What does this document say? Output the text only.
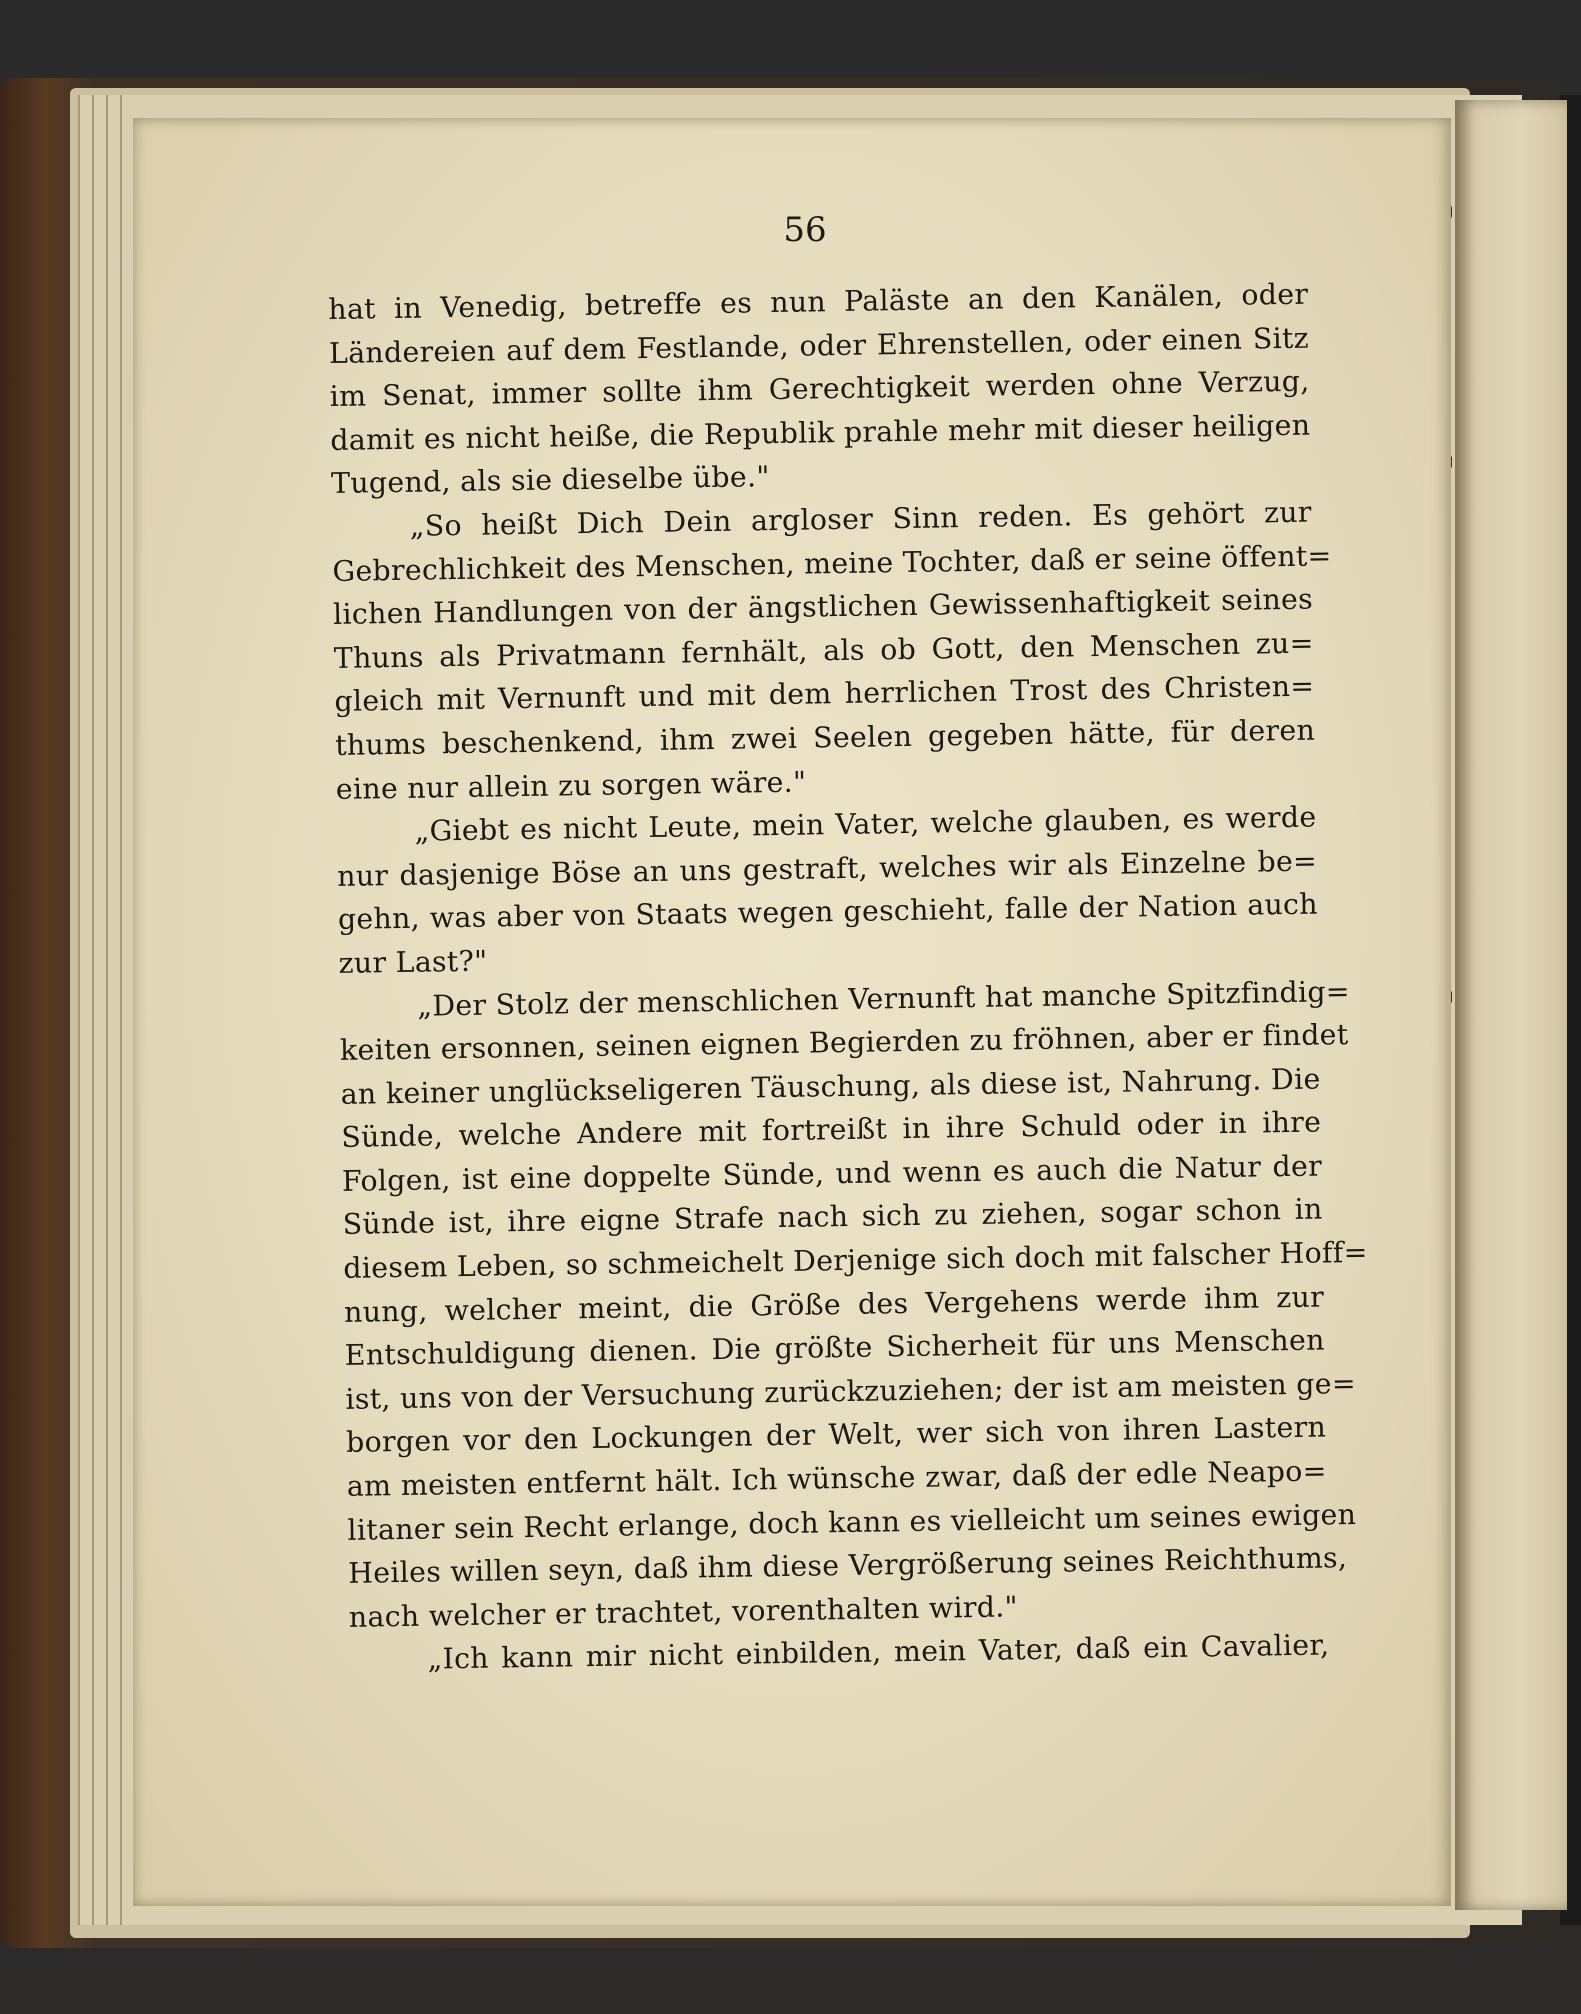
56
hat in Venedig, betreffe es nun Paläste an den Kanälen, oder
Ländereien auf dem Festlande, oder Ehrenstellen, oder einen Sitz
im Senat, immer sollte ihm Gerechtigkeit werden ohne Verzug,
damit es nicht heiße, die Republik prahle mehr mit dieser heiligen
Tugend, als sie dieselbe übe."
„So heißt Dich Dein argloser Sinn reden. Es gehört zur
Gebrechlichkeit des Menschen, meine Tochter, daß er seine öffent=
lichen Handlungen von der ängstlichen Gewissenhaftigkeit seines
Thuns als Privatmann fernhält, als ob Gott, den Menschen zu=
gleich mit Vernunft und mit dem herrlichen Trost des Christen=
thums beschenkend, ihm zwei Seelen gegeben hätte, für deren
eine nur allein zu sorgen wäre."
„Giebt es nicht Leute, mein Vater, welche glauben, es werde
nur dasjenige Böse an uns gestraft, welches wir als Einzelne be=
gehn, was aber von Staats wegen geschieht, falle der Nation auch
zur Last?"
„Der Stolz der menschlichen Vernunft hat manche Spitzfindig=
keiten ersonnen, seinen eignen Begierden zu fröhnen, aber er findet
an keiner unglückseligeren Täuschung, als diese ist, Nahrung. Die
Sünde, welche Andere mit fortreißt in ihre Schuld oder in ihre
Folgen, ist eine doppelte Sünde, und wenn es auch die Natur der
Sünde ist, ihre eigne Strafe nach sich zu ziehen, sogar schon in
diesem Leben, so schmeichelt Derjenige sich doch mit falscher Hoff=
nung, welcher meint, die Größe des Vergehens werde ihm zur
Entschuldigung dienen. Die größte Sicherheit für uns Menschen
ist, uns von der Versuchung zurückzuziehen; der ist am meisten ge=
borgen vor den Lockungen der Welt, wer sich von ihren Lastern
am meisten entfernt hält. Ich wünsche zwar, daß der edle Neapo=
litaner sein Recht erlange, doch kann es vielleicht um seines ewigen
Heiles willen seyn, daß ihm diese Vergrößerung seines Reichthums,
nach welcher er trachtet, vorenthalten wird."
„Ich kann mir nicht einbilden, mein Vater, daß ein Cavalier,
